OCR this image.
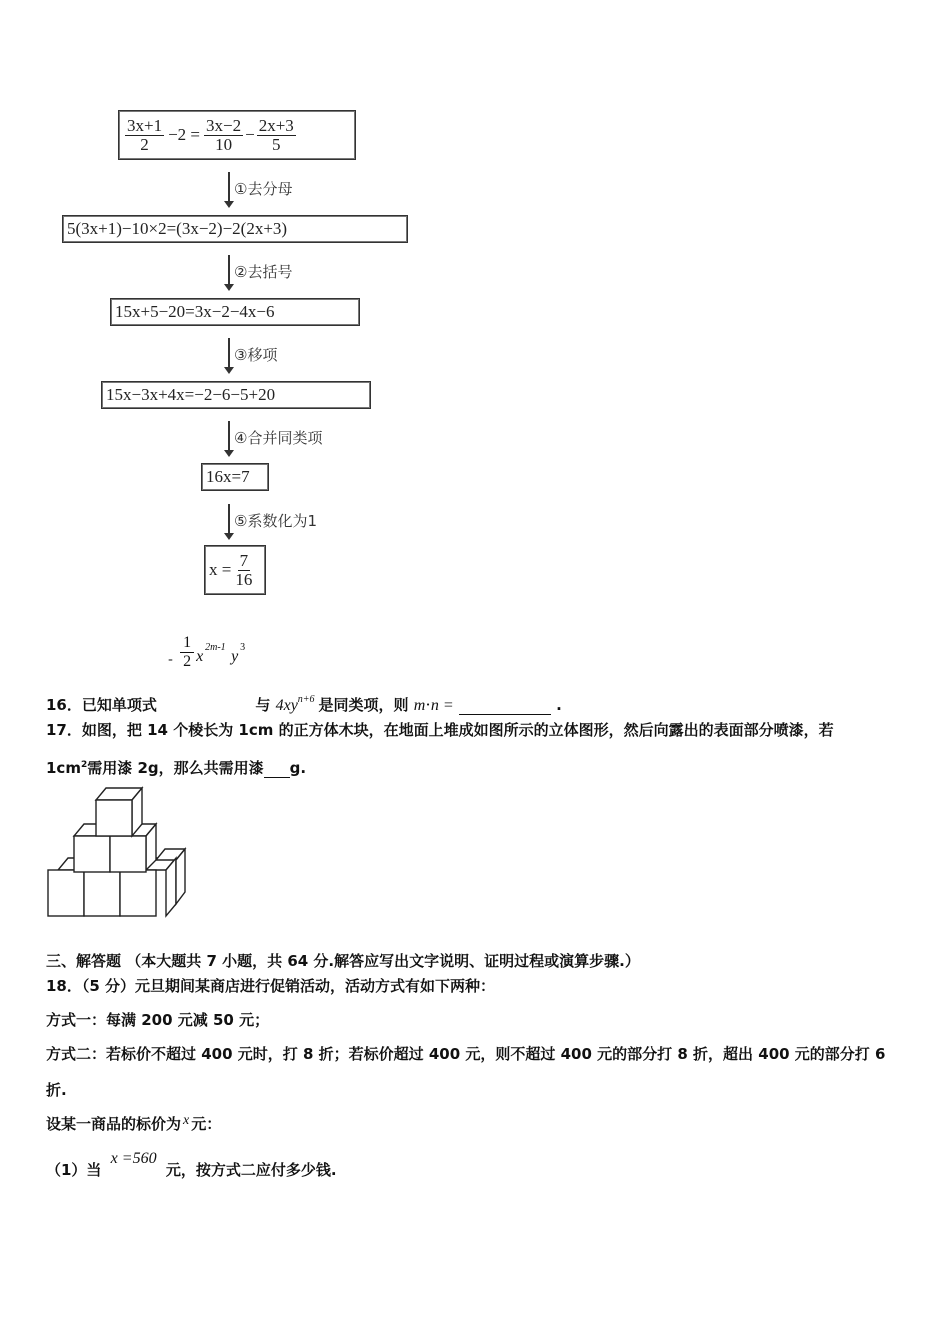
$\frac{3x+1}{2} -2 = \frac{3x-2}{10} - \frac{2x+3}{5}$
①去分母
5(3x+1)−10×2=(3x−2)−2(2x+3)
②去括号
15x+5−20=3x−2−4x−6
③移项
15x−3x+4x=−2−6−5+20
④合并同类项
16x=7
⑤系数化为1
$x = \frac{7}{16}$
16．已知单项式
- $\frac{1}{2}$ x
2m-1
y
3
与 $4xy^{n+6}$ 是同类项，则 m⋅n =	.
17．如图，把 14 个棱长为 1cm 的正方体木块，在地面上堆成如图所示的立体图形，然后向露出的表面部分喷漆，若
$1cm^2$需用漆 2g，那么共需用漆 g.
三、解答题 （本大题共 7 小题，共 64 分.解答应写出文字说明、证明过程或演算步骤.）
18．（5 分）元旦期间某商店进行促销活动，活动方式有如下两种：
方式一：每满 200 元减 50 元；
方式二：若标价不超过 400 元时，打 8 折；若标价超过 400 元，则不超过 400 元的部分打 8 折，超出 400 元的部分打 6
折.
设某一商品的标价为 x 元：
（1）当 x =560 元，按方式二应付多少钱.
